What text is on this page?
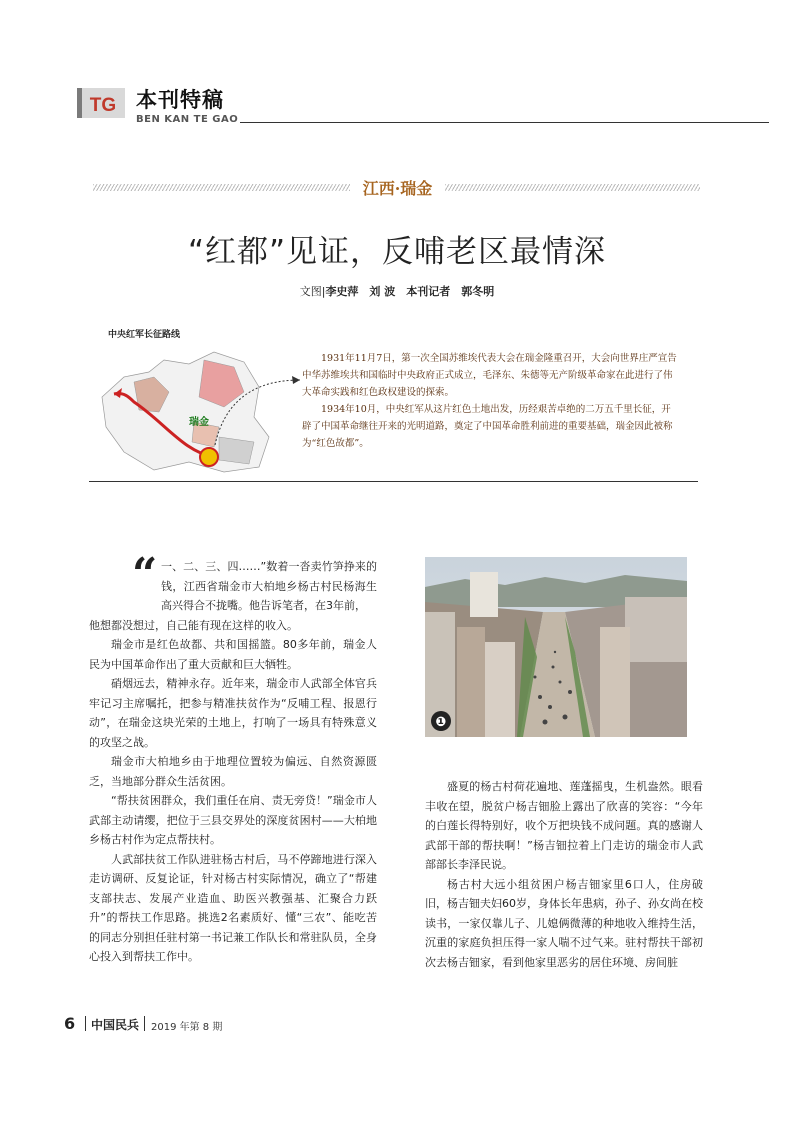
TG 本刊特稿
BEN KAN TE GAO
江西·瑞金
“红都”见证，反哺老区最情深
文图|李史萍　刘 波　本刊记者　郭冬明
中央红军长征路线
瑞金

1931年11月7日，第一次全国苏维埃代表大会在瑞金隆重召开，大会向世界庄严宣告中华苏维埃共和国临时中央政府正式成立，毛泽东、朱德等无产阶级革命家在此进行了伟大革命实践和红色政权建设的探索。

1934年10月，中央红军从这片红色土地出发，历经艰苦卓绝的二万五千里长征，开辟了中国革命继往开来的光明道路，奠定了中国革命胜利前进的重要基础，瑞金因此被称为“红色故都”。

“ 一、二、三、四……”数着一沓卖竹笋挣来的钱，江西省瑞金市大柏地乡杨古村民杨海生高兴得合不拢嘴。他告诉笔者，在3年前，
他想都没想过，自己能有现在这样的收入。

瑞金市是红色故都、共和国摇篮。80多年前，瑞金人民为中国革命作出了重大贡献和巨大牺牲。

硝烟远去，精神永存。近年来，瑞金市人武部全体官兵牢记习主席嘱托，把参与精准扶贫作为“反哺工程、报恩行动”，在瑞金这块光荣的土地上，打响了一场具有特殊意义的攻坚之战。

瑞金市大柏地乡由于地理位置较为偏远、自然资源匮乏，当地部分群众生活贫困。

“帮扶贫困群众，我们重任在肩、责无旁贷！”瑞金市人武部主动请缨，把位于三县交界处的深度贫困村——大柏地乡杨古村作为定点帮扶村。

人武部扶贫工作队进驻杨古村后，马不停蹄地进行深入走访调研、反复论证，针对杨古村实际情况，确立了“帮建支部扶志、发展产业造血、助医兴教强基、汇聚合力跃升”的帮扶工作思路。挑选2名素质好、懂“三农”、能吃苦的同志分别担任驻村第一书记兼工作队长和常驻队员，全身心投入到帮扶工作中。

❶

盛夏的杨古村荷花遍地、莲蓬摇曳，生机盎然。眼看丰收在望，脱贫户杨吉钿脸上露出了欣喜的笑容：“今年的白莲长得特别好，收个万把块钱不成问题。真的感谢人武部干部的帮扶啊！”杨吉钿拉着上门走访的瑞金市人武部部长李泽民说。

杨古村大远小组贫困户杨吉钿家里6口人，住房破旧，杨吉钿夫妇60岁，身体长年患病，孙子、孙女尚在校读书，一家仅靠儿子、儿媳俩微薄的种地收入维持生活，沉重的家庭负担压得一家人喘不过气来。驻村帮扶干部初次去杨吉钿家，看到他家里恶劣的居住环境、房间脏

6 中国民兵 2019 年第 8 期
